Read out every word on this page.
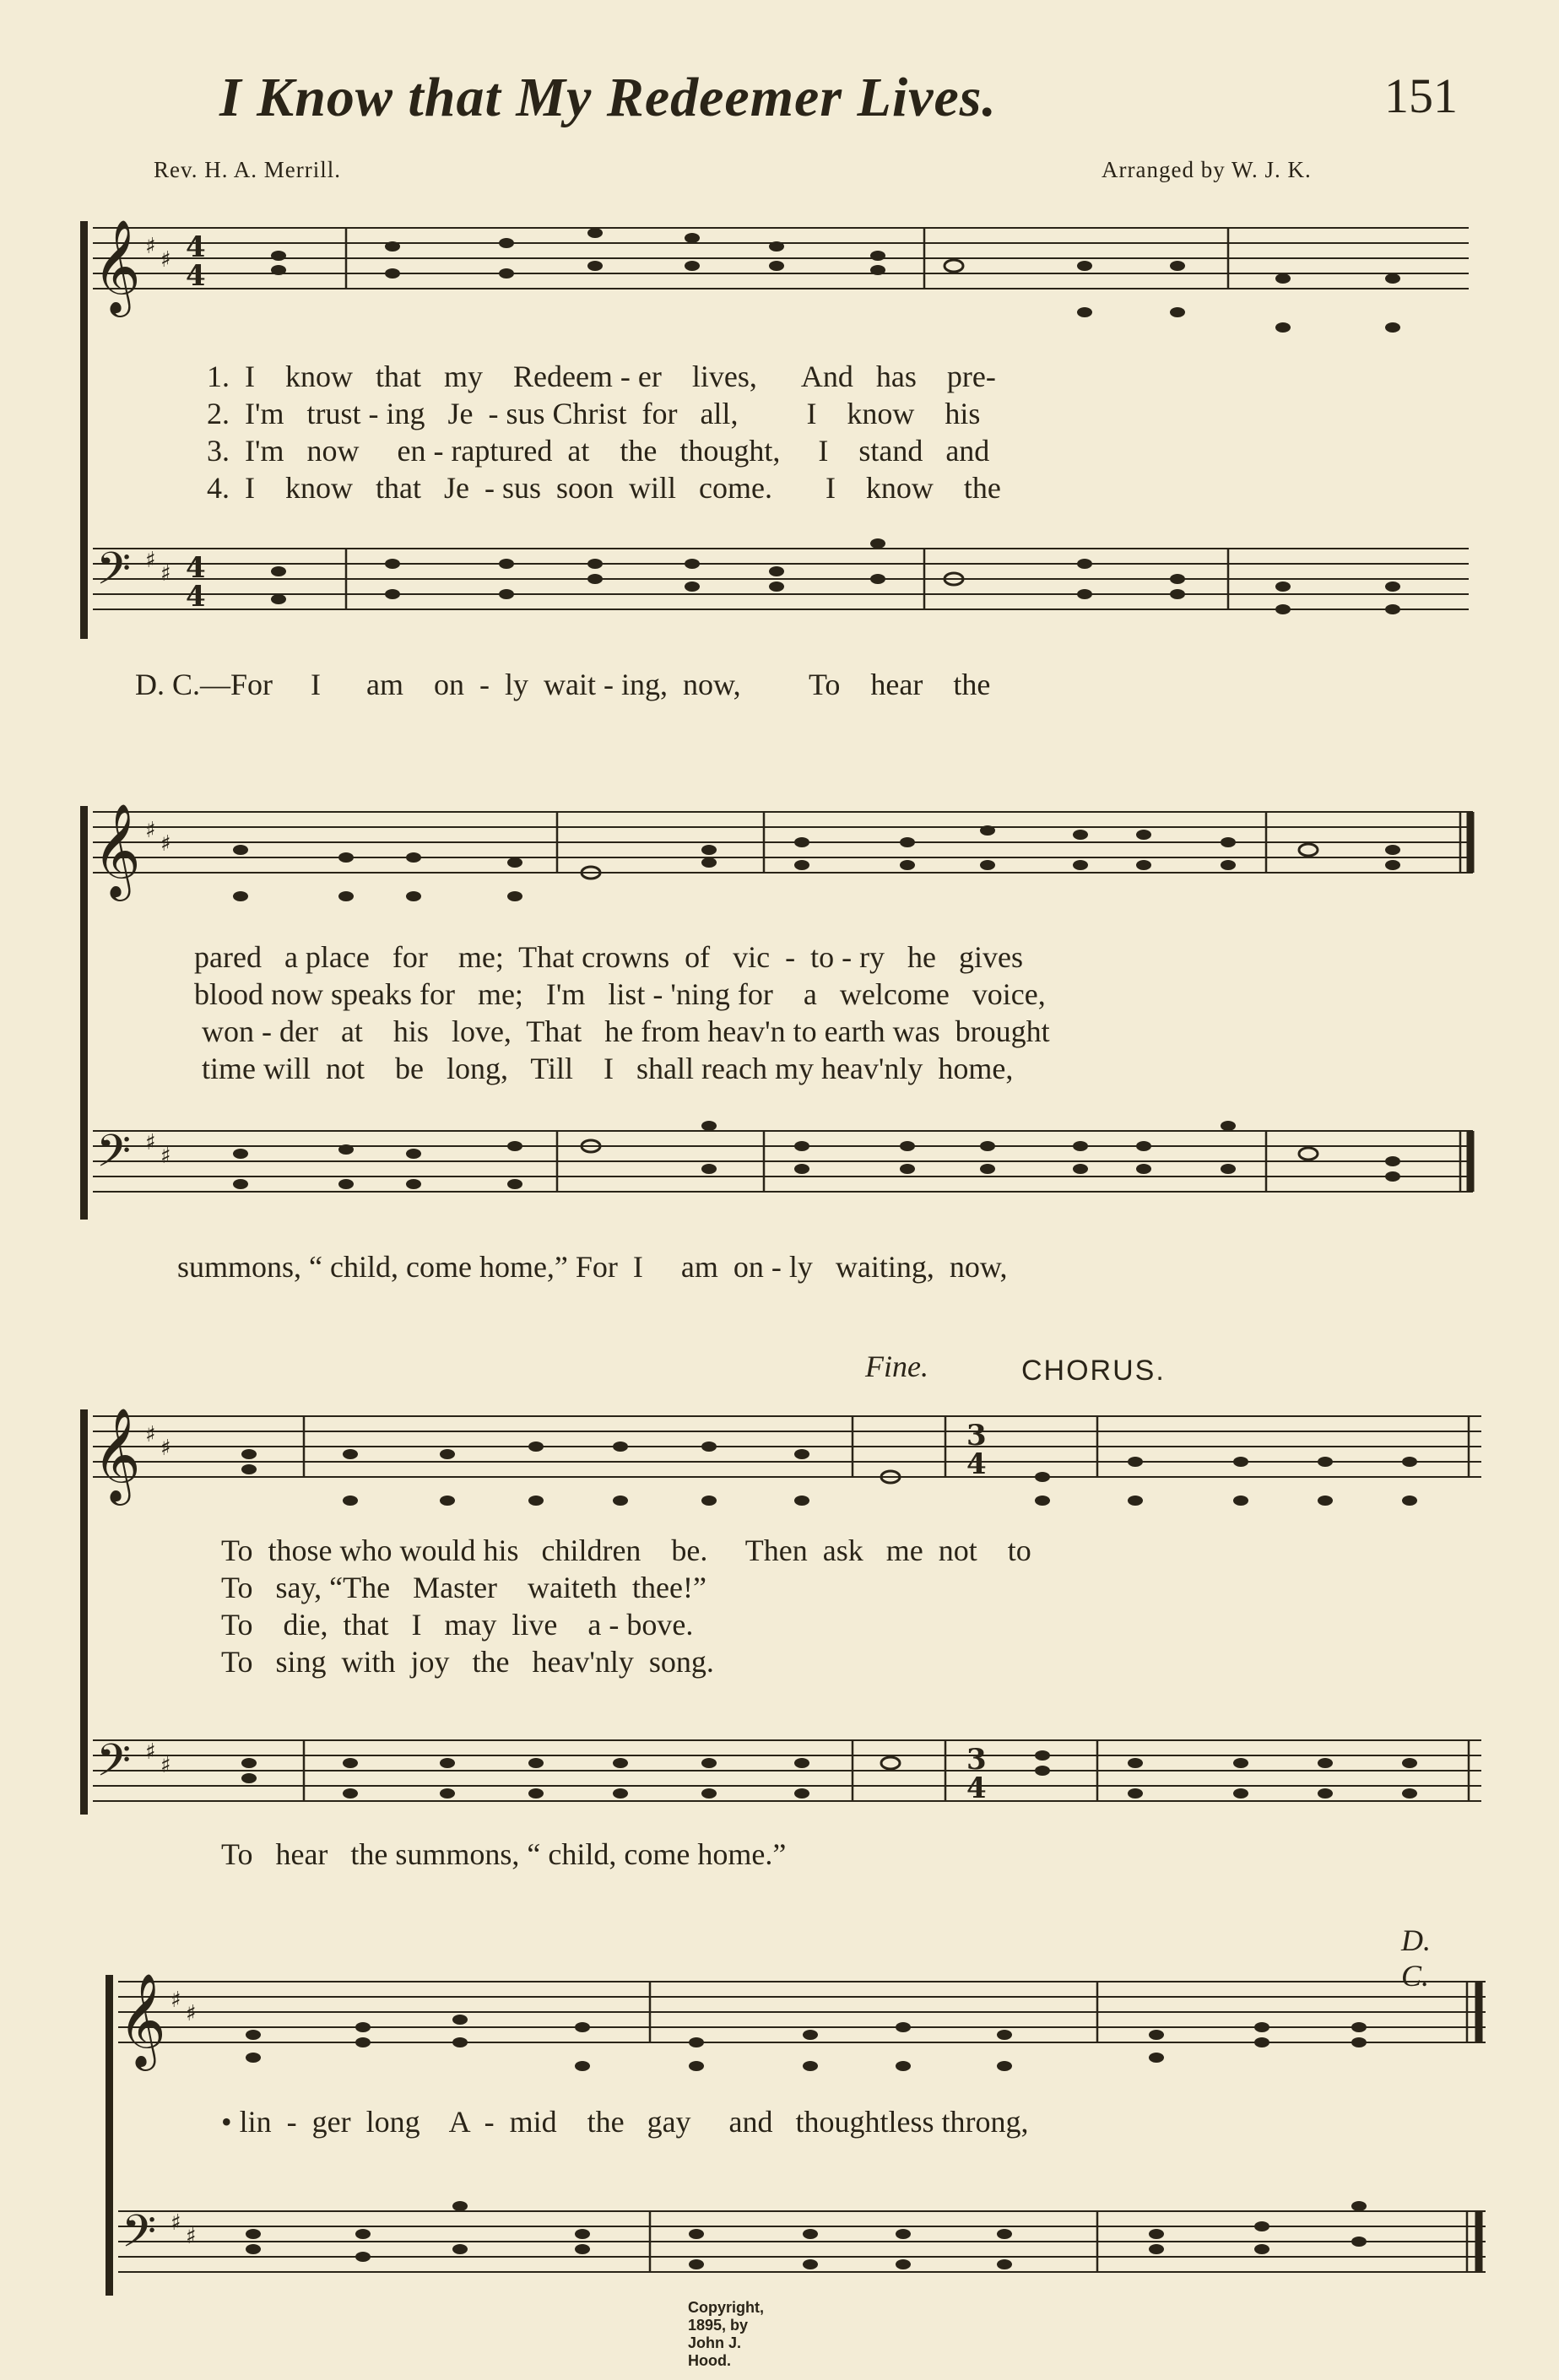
I Know that My Redeemer Lives.	151
Rev. H. A. Merrill.	Arranged by W. J. K.
𝄞 ♯
♯ 4
4
1.  I    know   that   my    Redeem - er    lives,      And   has    pre-
2.  I'm   trust - ing   Je  - sus Christ  for   all,         I    know    his
3.  I'm   now     en - raptured  at    the   thought,     I    stand   and
4.  I    know   that   Je  - sus  soon  will   come.       I    know    the
𝄢 ♯
♯ 4
4
D. C.—For     I      am    on  -  ly  wait - ing,  now,         To    hear    the
𝄞 ♯
♯
pared   a place   for    me;  That crowns  of   vic  -  to - ry   he   gives
blood now speaks for   me;   I'm   list - 'ning for    a   welcome   voice,
won - der   at    his   love,  That   he from heav'n to earth was  brought
time will  not    be   long,   Till    I   shall reach my heav'nly  home,
𝄢 ♯
♯
summons, “ child, come home,” For  I     am  on - ly   waiting,  now,
Fine.	CHORUS.
𝄞 ♯
♯	3
4
To  those who would his   children    be.     Then  ask   me  not    to
To   say, “The   Master    waiteth  thee!”
To    die,  that   I   may  live    a - bove.
To   sing  with  joy   the   heav'nly  song.
𝄢 ♯
♯	3
4
To   hear   the summons, “ child, come home.”
D. C.
𝄞 ♯
♯
• lin  -  ger  long    A  -  mid    the   gay     and   thoughtless throng,
𝄢 ♯
♯
Copyright, 1895, by John J. Hood.
